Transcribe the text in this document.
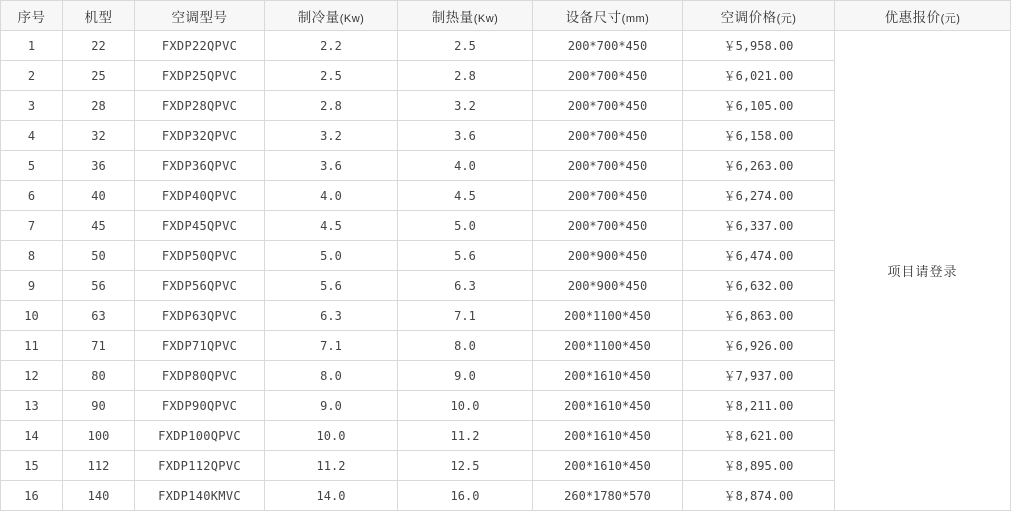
序号	机型	空调型号	制冷量(Kw)	制热量(Kw)	设备尺寸(mm)	空调价格(元)	优惠报价(元)
1	22	FXDP22QPVC	2.2	2.5	200*700*450	￥5,958.00	项目请登录
2	25	FXDP25QPVC	2.5	2.8	200*700*450	￥6,021.00	
3	28	FXDP28QPVC	2.8	3.2	200*700*450	￥6,105.00	
4	32	FXDP32QPVC	3.2	3.6	200*700*450	￥6,158.00	
5	36	FXDP36QPVC	3.6	4.0	200*700*450	￥6,263.00	
6	40	FXDP40QPVC	4.0	4.5	200*700*450	￥6,274.00	
7	45	FXDP45QPVC	4.5	5.0	200*700*450	￥6,337.00	
8	50	FXDP50QPVC	5.0	5.6	200*900*450	￥6,474.00	
9	56	FXDP56QPVC	5.6	6.3	200*900*450	￥6,632.00	
10	63	FXDP63QPVC	6.3	7.1	200*1100*450	￥6,863.00	
11	71	FXDP71QPVC	7.1	8.0	200*1100*450	￥6,926.00	
12	80	FXDP80QPVC	8.0	9.0	200*1610*450	￥7,937.00	
13	90	FXDP90QPVC	9.0	10.0	200*1610*450	￥8,211.00	
14	100	FXDP100QPVC	10.0	11.2	200*1610*450	￥8,621.00	
15	112	FXDP112QPVC	11.2	12.5	200*1610*450	￥8,895.00	
16	140	FXDP140KMVC	14.0	16.0	260*1780*570	￥8,874.00	
